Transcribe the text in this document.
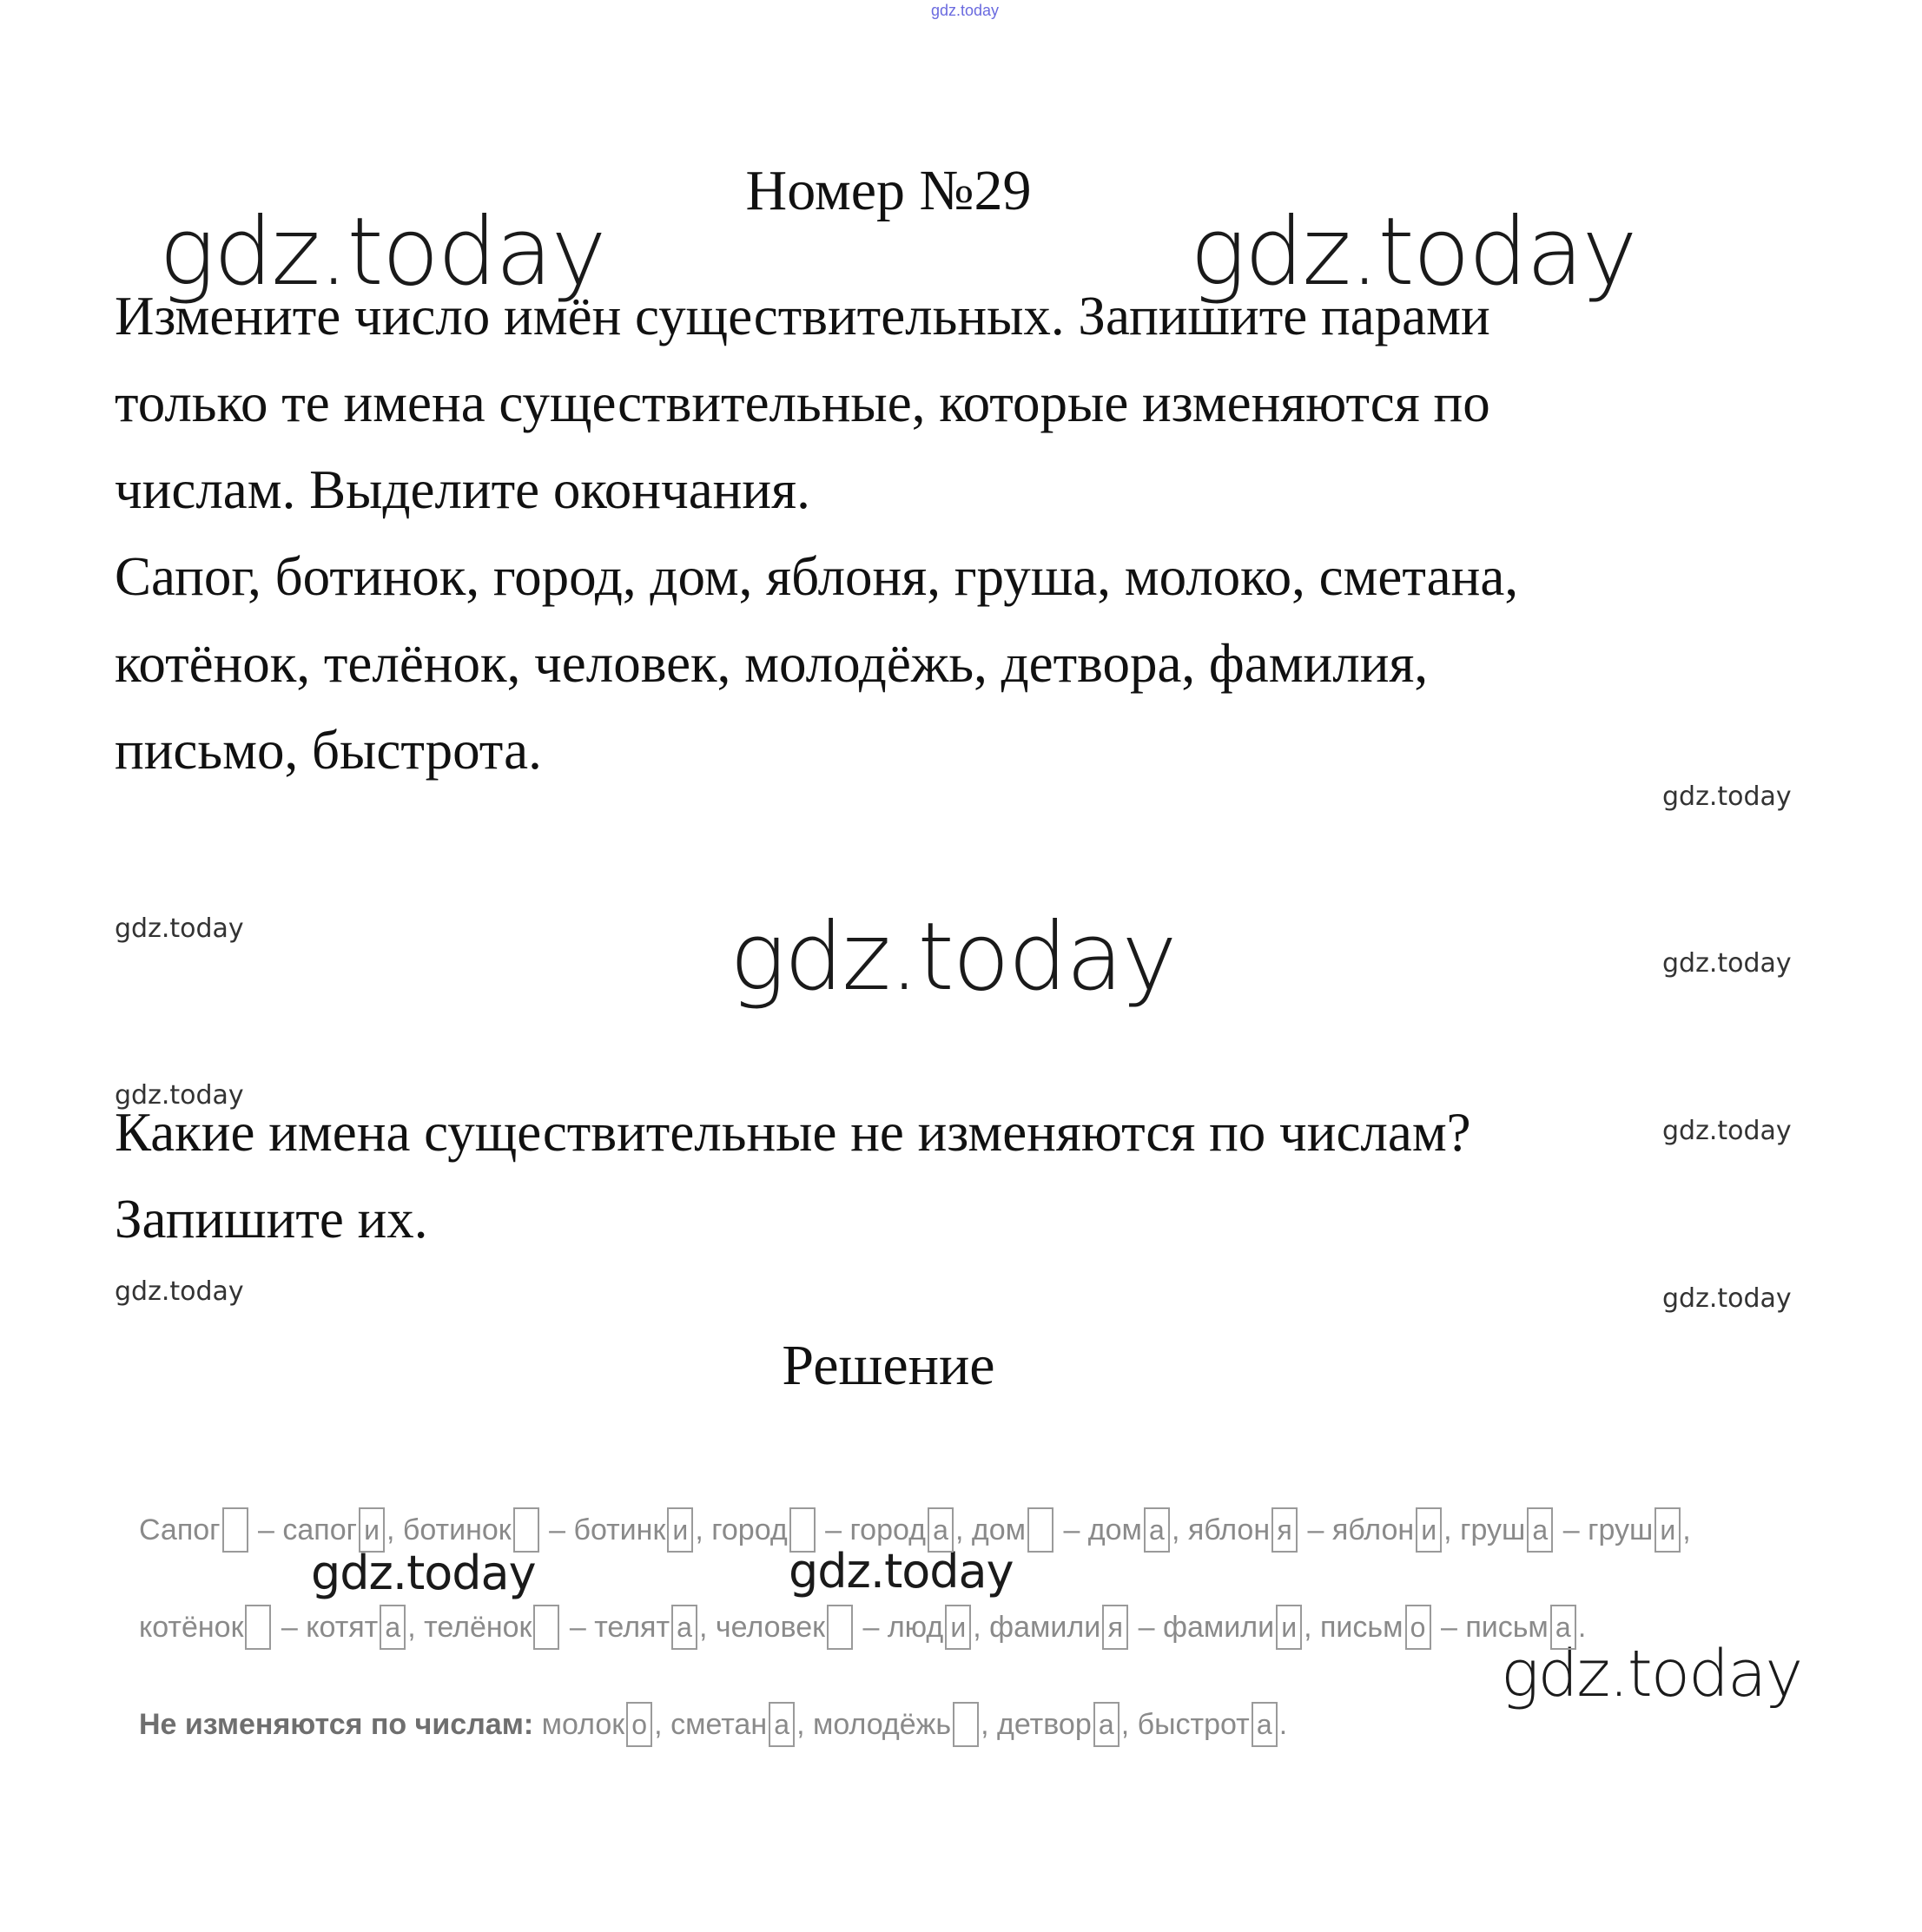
gdz.today
gdz.today	gdz.today
gdz.today
gdz.today	gdz.today
gdz.today
gdz.today
gdz.today
gdz.today
gdz.today
gdz.today
gdz.today	gdz.today
Номер №29
Измените число имён существительных. Запишите парами
только те имена существительные, которые изменяются по
числам. Выделите окончания.
Сапог, ботинок, город, дом, яблоня, груша, молоко, сметана,
котёнок, телёнок, человек, молодёжь, детвора, фамилия,
письмо, быстрота.
Какие имена существительные не изменяются по числам?
Запишите их.
Решение
Сапог – сапог и , ботинок – ботинк и , город – город а , дом – дом а , яблон я – яблон и , груш а – груш и ,
котёнок – котят а , телёнок – телят а , человек – люд и , фамили я – фамили и , письм о – письм а .
Не изменяются по числам: молок о , сметан а , молодёжь , детвор а , быстрот а .
